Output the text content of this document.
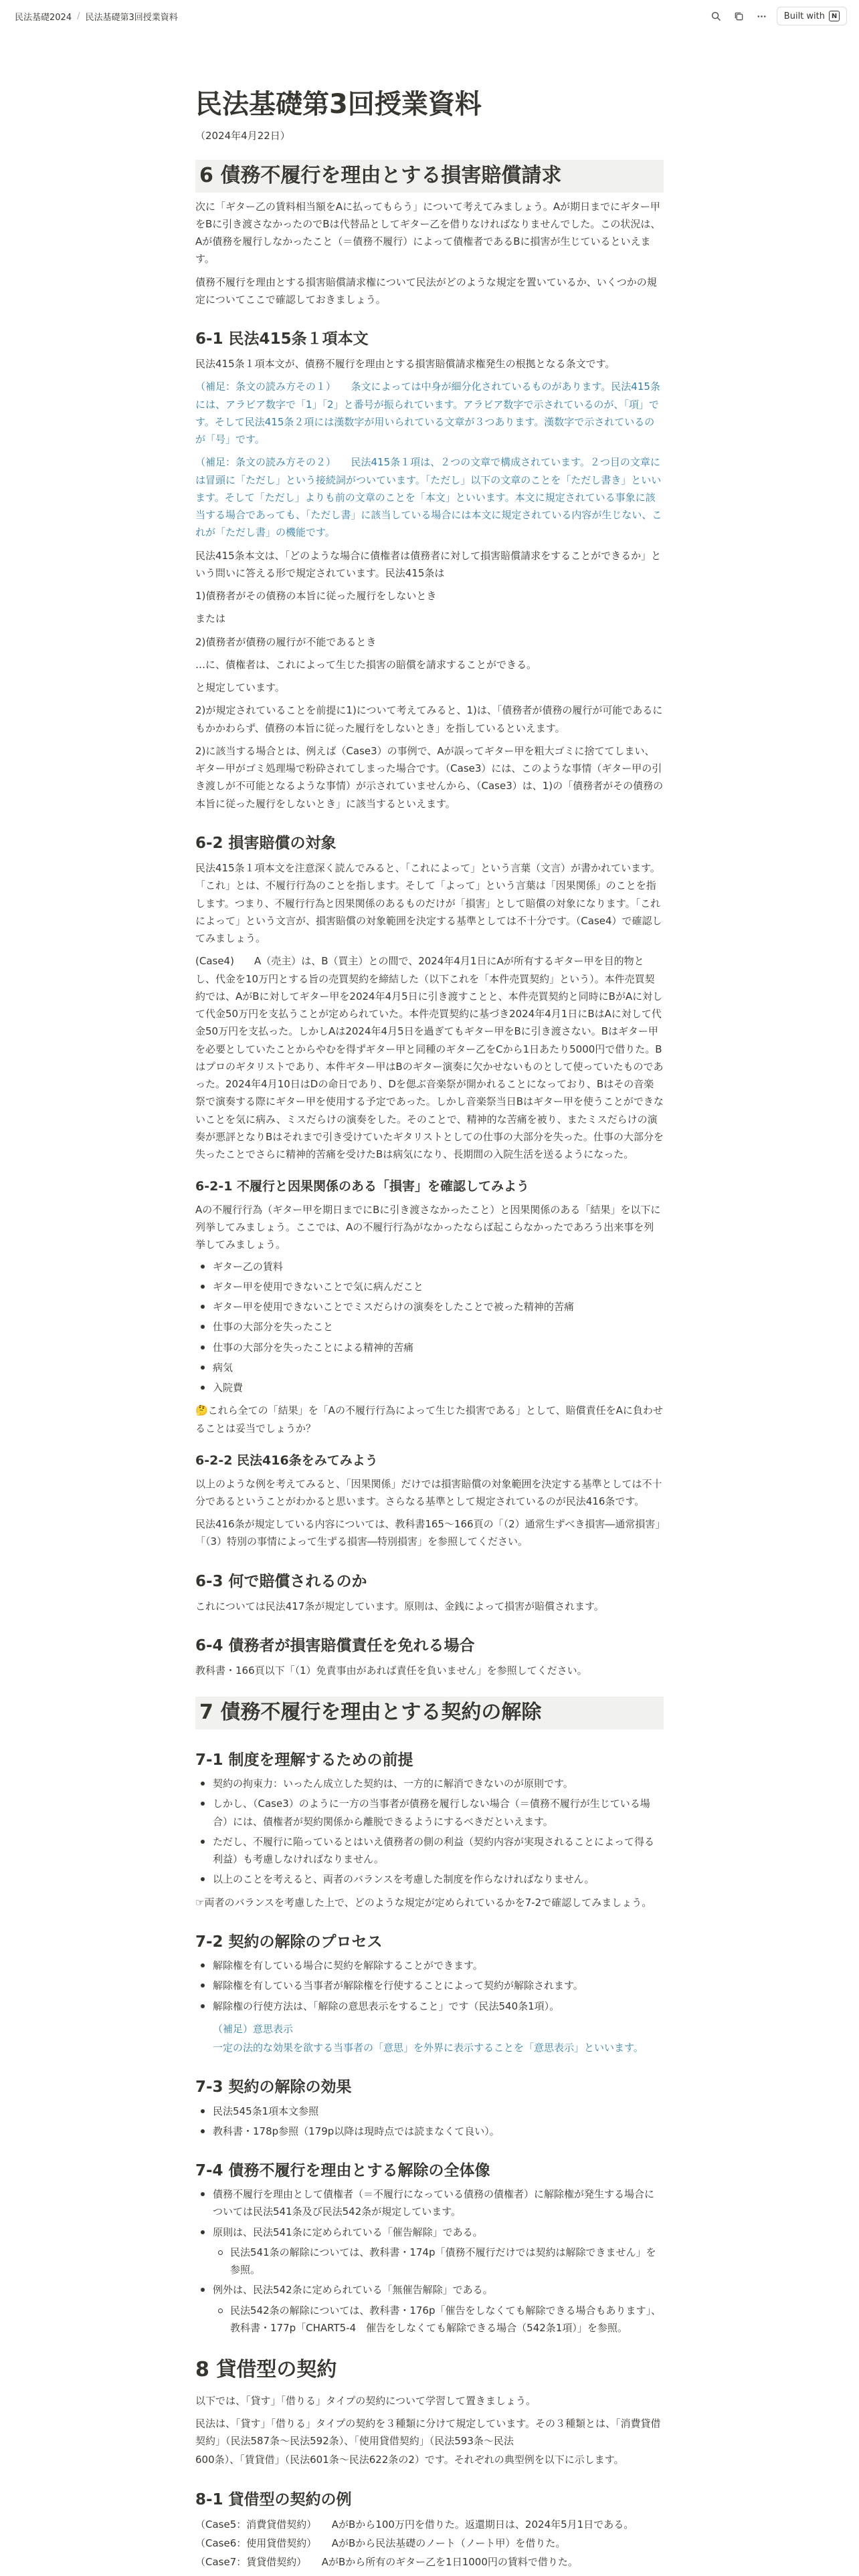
民法基礎2024 / 民法基礎第3回授業資料	Built with N
民法基礎第3回授業資料
（2024年4月22日）
6 債務不履行を理由とする損害賠償請求

次に「ギター乙の賃料相当額をAに払ってもらう」について考えてみましょう。Aが期日までにギター甲をBに引き渡さなかったのでBは代替品としてギター乙を借りなければなりませんでした。この状況は、Aが債務を履行しなかったこと（＝債務不履行）によって債権者であるBに損害が生じているといえます。

債務不履行を理由とする損害賠償請求権について民法がどのような規定を置いているか、いくつかの規定についてここで確認しておきましょう。

6-1 民法415条１項本文

民法415条１項本文が、債務不履行を理由とする損害賠償請求権発生の根拠となる条文です。

（補足：条文の読み方その１）　　条文によっては中身が細分化されているものがあります。民法415条には、アラビア数字で「1」「2」と番号が振られています。アラビア数字で示されているのが、「項」です。そして民法415条２項には漢数字が用いられている文章が３つあります。漢数字で示されているのが「号」です。

（補足：条文の読み方その２）　　民法415条１項は、２つの文章で構成されています。２つ目の文章には冒頭に「ただし」という接続詞がついています。「ただし」以下の文章のことを「ただし書き」といいます。そして「ただし」よりも前の文章のことを「本文」といいます。本文に規定されている事象に該当する場合であっても、「ただし書」に該当している場合には本文に規定されている内容が生じない、これが「ただし書」の機能です。

民法415条本文は、「どのような場合に債権者は債務者に対して損害賠償請求をすることができるか」という問いに答える形で規定されています。民法415条は

1)債務者がその債務の本旨に従った履行をしないとき

または

2)債務者が債務の履行が不能であるとき

…に、債権者は、これによって生じた損害の賠償を請求することができる。

と規定しています。

2)が規定されていることを前提に1)について考えてみると、1)は、「債務者が債務の履行が可能であるにもかかわらず、債務の本旨に従った履行をしないとき」を指しているといえます。

2)に該当する場合とは、例えば（Case3）の事例で、Aが誤ってギター甲を粗大ゴミに捨ててしまい、ギター甲がゴミ処理場で粉砕されてしまった場合です。（Case3）には、このような事情（ギター甲の引き渡しが不可能となるような事情）が示されていませんから、（Case3）は、1)の「債務者がその債務の本旨に従った履行をしないとき」に該当するといえます。

6-2 損害賠償の対象

民法415条１項本文を注意深く読んでみると、「これによって」という言葉（文言）が書かれています。「これ」とは、不履行行為のことを指します。そして「よって」という言葉は「因果関係」のことを指します。つまり、不履行行為と因果関係のあるものだけが「損害」として賠償の対象になります。「これによって」という文言が、損害賠償の対象範囲を決定する基準としては不十分です。（Case4）で確認してみましょう。

(Case4)　　A（売主）は、B（買主）との間で、2024年4月1日にAが所有するギター甲を目的物とし、代金を10万円とする旨の売買契約を締結した（以下これを「本件売買契約」という）。本件売買契約では、AがBに対してギター甲を2024年4月5日に引き渡すことと、本件売買契約と同時にBがAに対して代金50万円を支払うことが定められていた。本件売買契約に基づき2024年4月1日にBはAに対して代金50万円を支払った。しかしAは2024年4月5日を過ぎてもギター甲をBに引き渡さない。Bはギター甲を必要としていたことからやむを得ずギター甲と同種のギター乙をCから1日あたり5000円で借りた。Bはプロのギタリストであり、本件ギター甲はBのギター演奏に欠かせないものとして使っていたものであった。2024年4月10日はDの命日であり、Dを偲ぶ音楽祭が開かれることになっており、Bはその音楽祭で演奏する際にギター甲を使用する予定であった。しかし音楽祭当日Bはギター甲を使うことができないことを気に病み、ミスだらけの演奏をした。そのことで、精神的な苦痛を被り、またミスだらけの演奏が悪評となりBはそれまで引き受けていたギタリストとしての仕事の大部分を失った。仕事の大部分を失ったことでさらに精神的苦痛を受けたBは病気になり、長期間の入院生活を送るようになった。

6-2-1 不履行と因果関係のある「損害」を確認してみよう

Aの不履行行為（ギター甲を期日までにBに引き渡さなかったこと）と因果関係のある「結果」を以下に列挙してみましょう。ここでは、Aの不履行行為がなかったならば起こらなかったであろう出来事を列挙してみましょう。

ギター乙の賃料
ギター甲を使用できないことで気に病んだこと
ギター甲を使用できないことでミスだらけの演奏をしたことで被った精神的苦痛
仕事の大部分を失ったこと
仕事の大部分を失ったことによる精神的苦痛
病気
入院費

🤔これら全ての「結果」を「Aの不履行行為によって生じた損害である」として、賠償責任をAに負わせることは妥当でしょうか？

6-2-2 民法416条をみてみよう

以上のような例を考えてみると、「因果関係」だけでは損害賠償の対象範囲を決定する基準としては不十分であるということがわかると思います。さらなる基準として規定されているのが民法416条です。

民法416条が規定している内容については、教科書165〜166頁の「（2）通常生ずべき損害―通常損害」「（3）特別の事情によって生ずる損害―特別損害」を参照してください。

6-3 何で賠償されるのか

これについては民法417条が規定しています。原則は、金銭によって損害が賠償されます。

6-4 債務者が損害賠償責任を免れる場合

教科書・166頁以下「（1）免責事由があれば責任を負いません」を参照してください。

7 債務不履行を理由とする契約の解除
7-1 制度を理解するための前提
契約の拘束力：いったん成立した契約は、一方的に解消できないのが原則です。
しかし、（Case3）のように一方の当事者が債務を履行しない場合（＝債務不履行が生じている場合）には、債権者が契約関係から離脱できるようにするべきだといえます。
ただし、不履行に陥っているとはいえ債務者の側の利益（契約内容が実現されることによって得る利益）も考慮しなければなりません。
以上のことを考えると、両者のバランスを考慮した制度を作らなければなりません。

☞両者のバランスを考慮した上で、どのような規定が定められているかを7-2で確認してみましょう。

7-2 契約の解除のプロセス
解除権を有している場合に契約を解除することができます。
解除権を有している当事者が解除権を行使することによって契約が解除されます。
解除権の行使方法は、「解除の意思表示をすること」です（民法540条1項）。

（補足）意思表示

一定の法的な効果を欲する当事者の「意思」を外界に表示することを「意思表示」といいます。

7-3 契約の解除の効果
民法545条1項本文参照
教科書・178p参照（179p以降は現時点では読まなくて良い）。
7-4 債務不履行を理由とする解除の全体像
債務不履行を理由として債権者（＝不履行になっている債務の債権者）に解除権が発生する場合については民法541条及び民法542条が規定しています。
原則は、民法541条に定められている「催告解除」である。
民法541条の解除については、教科書・174p「債務不履行だけでは契約は解除できません」を参照。
例外は、民法542条に定められている「無催告解除」である。
民法542条の解除については、教科書・176p「催告をしなくても解除できる場合もあります」、教科書・177p「CHART5-4　催告をしなくても解除できる場合（542条1項）」を参照。
8 貸借型の契約

以下では、「貸す」「借りる」タイプの契約について学習して置きましょう。

民法は、「貸す」「借りる」タイプの契約を３種類に分けて規定しています。その３種類とは、「消費貸借契約」（民法587条〜民法592条）、「使用貸借契約」（民法593条〜民法

600条）、「賃貸借」（民法601条〜民法622条の2）です。それぞれの典型例を以下に示します。

8-1 貸借型の契約の例

（Case5：消費貸借契約）　　AがBから100万円を借りた。返還期日は、2024年5月1日である。

（Case6：使用貸借契約）　　AがBから民法基礎のノート（ノート甲）を借りた。

（Case7：賃貸借契約）　　AがBから所有のギター乙を1日1000円の賃料で借りた。
